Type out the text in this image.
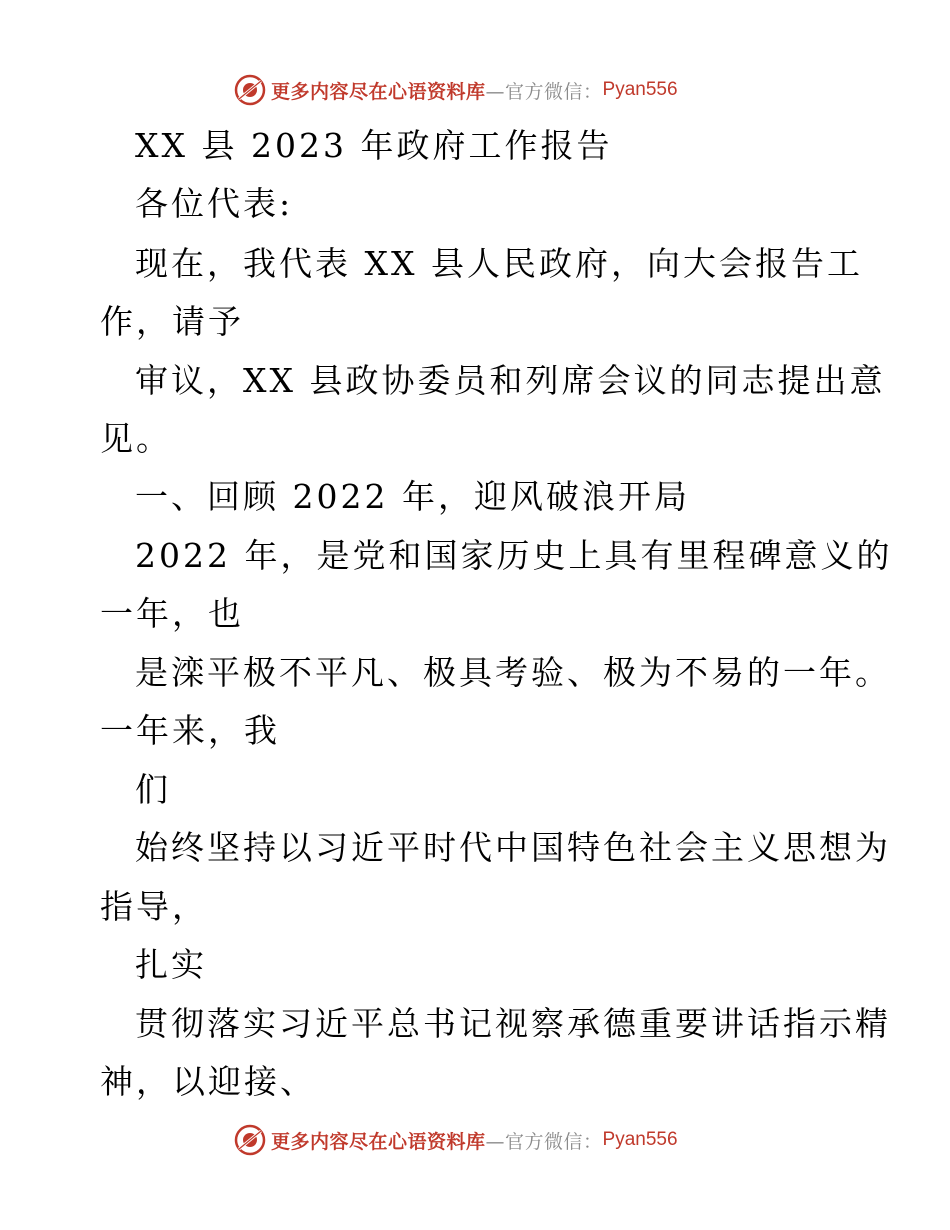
更多内容尽在心语资料库 —官方微信： Pyan556
XX 县 2023 年政府工作报告
各位代表:
现在，我代表 XX 县人民政府，向大会报告工
作，请予
审议，XX 县政协委员和列席会议的同志提出意
见。
一、回顾 2022 年，迎风破浪开局
2022 年，是党和国家历史上具有里程碑意义的
一年，也
是滦平极不平凡、极具考验、极为不易的一年。
一年来，我
们
始终坚持以习近平时代中国特色社会主义思想为
指导，
扎实
贯彻落实习近平总书记视察承德重要讲话指示精
神，以迎接、
更多内容尽在心语资料库 —官方微信： Pyan556
